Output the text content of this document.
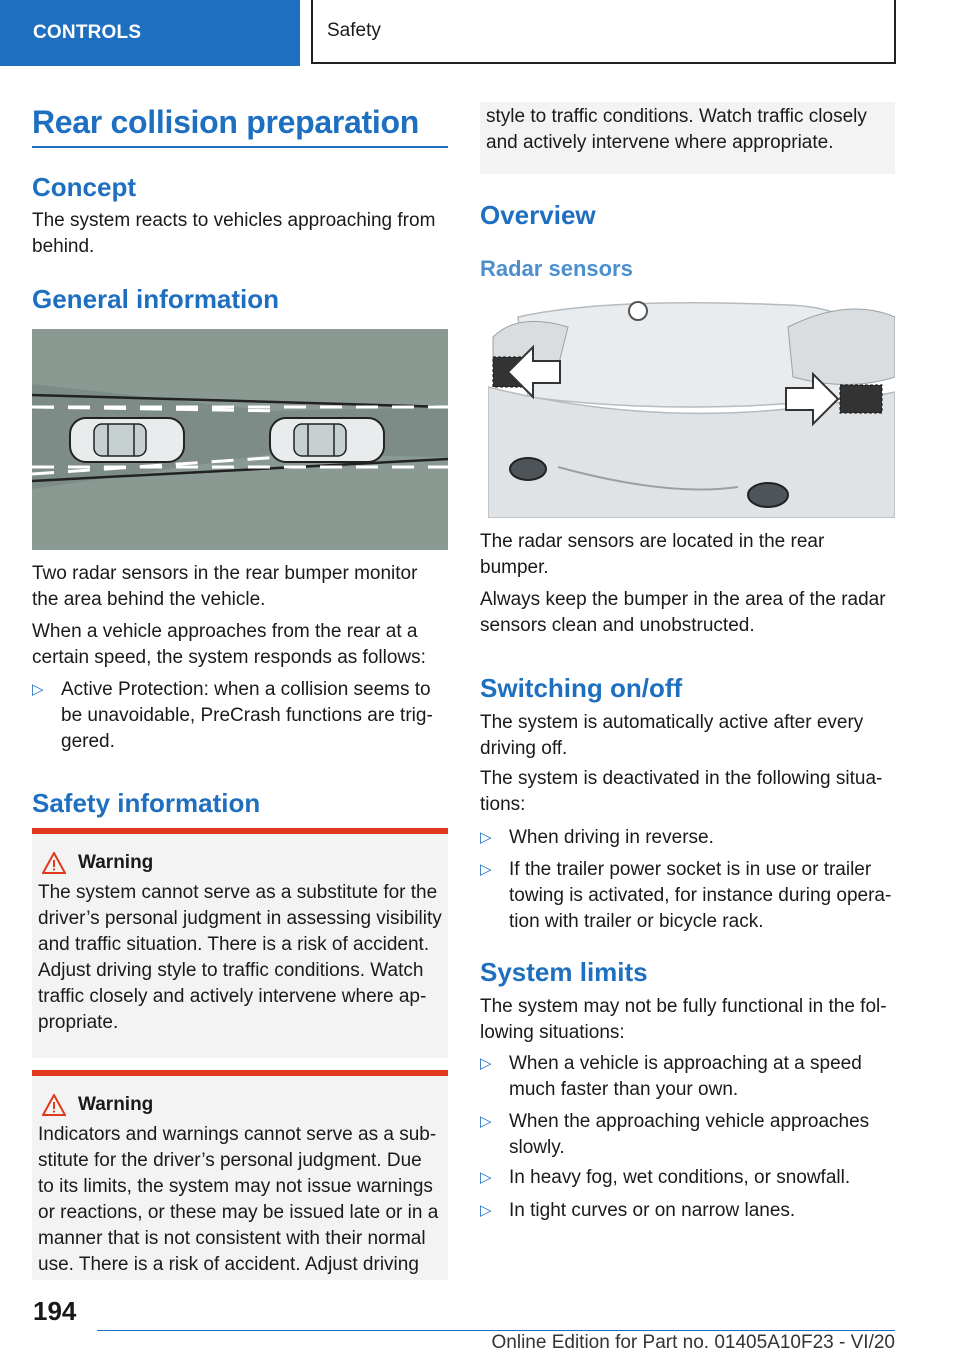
CONTROLS	Safety
Rear collision preparation
Concept

The system reacts to vehicles approaching from behind.

General information

Two radar sensors in the rear bumper monitor the area behind the vehicle.

When a vehicle approaches from the rear at a certain speed, the system responds as follows:

▷ Active Protection: when a collision seems to be unavoidable, PreCrash functions are triggered.
Safety information
Warning
The system cannot serve as a substitute for the driver’s personal judgment in assessing visibility and traffic situation. There is a risk of accident. Adjust driving style to traffic conditions. Watch traffic closely and actively intervene where appropriate.
Warning
Indicators and warnings cannot serve as a substitute for the driver’s personal judgment. Due to its limits, the system may not issue warnings or reactions, or these may be issued late or in a manner that is not consistent with their normal use. There is a risk of accident. Adjust driving
style to traffic conditions. Watch traffic closely and actively intervene where appropriate.
Overview
Radar sensors

The radar sensors are located in the rear bumper.

Always keep the bumper in the area of the radar sensors clean and unobstructed.

Switching on/off

The system is automatically active after every driving off.

The system is deactivated in the following situations:

▷ When driving in reverse.
▷ If the trailer power socket is in use or trailer towing is activated, for instance during operation with trailer or bicycle rack.
System limits

The system may not be fully functional in the following situations:

▷ When a vehicle is approaching at a speed much faster than your own.
▷ When the approaching vehicle approaches slowly.
▷ In heavy fog, wet conditions, or snowfall.
▷ In tight curves or on narrow lanes.
194
Online Edition for Part no. 01405A10F23 - VI/20
